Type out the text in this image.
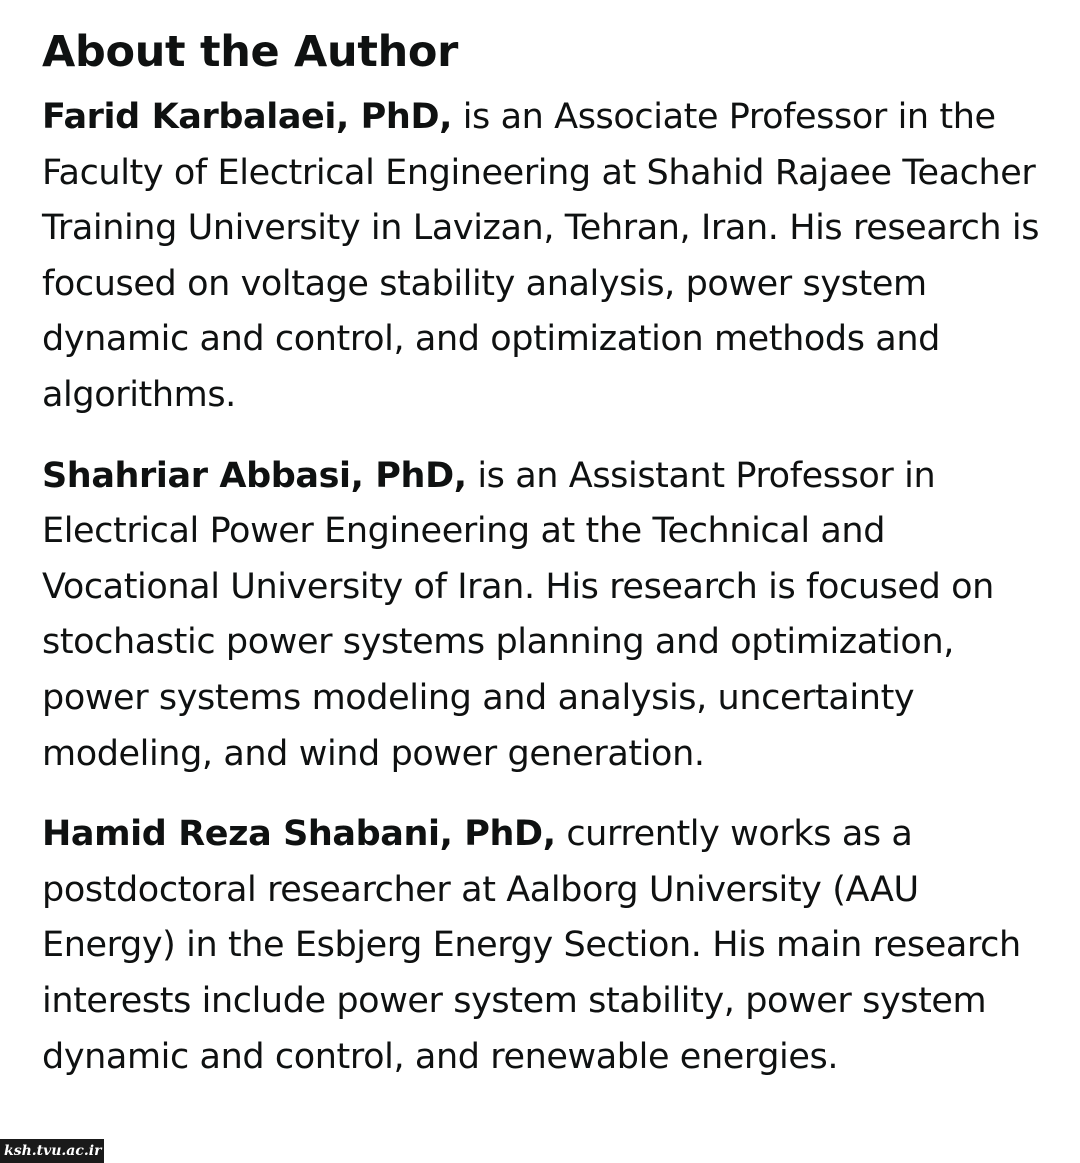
About the Author

Farid Karbalaei, PhD, is an Associate Professor in the Faculty of Electrical Engineering at Shahid Rajaee Teacher Training University in Lavizan, Tehran, Iran. His research is focused on voltage stability analysis, power system dynamic and control, and optimization methods and algorithms.

Shahriar Abbasi, PhD, is an Assistant Professor in Electrical Power Engineering at the Technical and Vocational University of Iran. His research is focused on stochastic power systems planning and optimization, power systems modeling and analysis, uncertainty modeling, and wind power generation.

Hamid Reza Shabani, PhD, currently works as a postdoctoral researcher at Aalborg University (AAU Energy) in the Esbjerg Energy Section. His main research interests include power system stability, power system dynamic and control, and renewable energies.

ksh.tvu.ac.ir
